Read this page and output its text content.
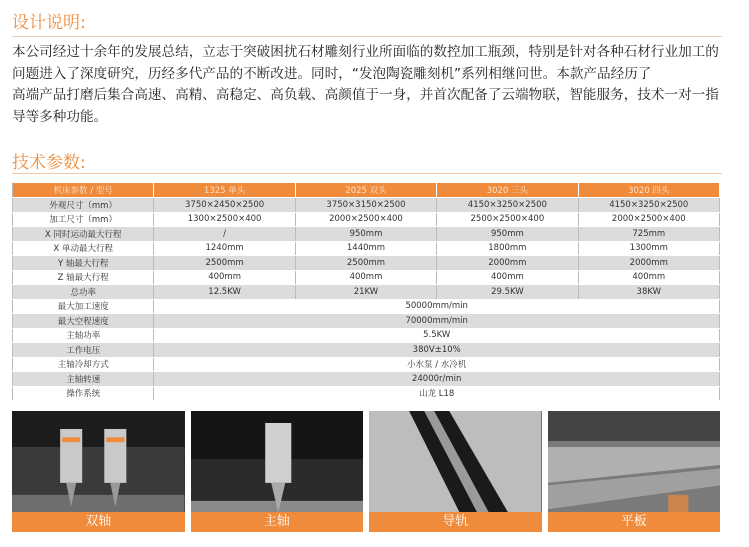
设计说明:
本公司经过十余年的发展总结，立志于突破困扰石材雕刻行业所面临的数控加工瓶颈，特别是针对各种石材行业加工的问题进入了深度研究，历经多代产品的不断改进。同时，“发泡陶瓷雕刻机”系列相继问世。本款产品经历了高端产品打磨后集合高速、高精、高稳定、高负载、高颜值于一身，并首次配备了云端物联，智能服务，技术一对一指导等多种功能。
技术参数:
机床参数 / 型号	1325 单头	2025 双头	3020 三头	3020 四头
外观尺寸（mm）	3750×2450×2500	3750×3150×2500	4150×3250×2500	4150×3250×2500
加工尺寸（mm）	1300×2500×400	2000×2500×400	2500×2500×400	2000×2500×400
X 同时运动最大行程	/	950mm	950mm	725mm
X 单动最大行程	1240mm	1440mm	1800mm	1300mm
Y 轴最大行程	2500mm	2500mm	2000mm	2000mm
Z 轴最大行程	400mm	400mm	400mm	400mm
总功率	12.5KW	21KW	29.5KW	38KW
最大加工速度	50000mm/min			
最大空程速度	70000mm/min			
主轴功率	5.5KW			
工作电压	380V±10%			
主轴冷却方式	小水泵 / 水冷机			
主轴转速	24000r/min			
操作系统	山龙 L18			
双轴	主轴	导轨	平板
